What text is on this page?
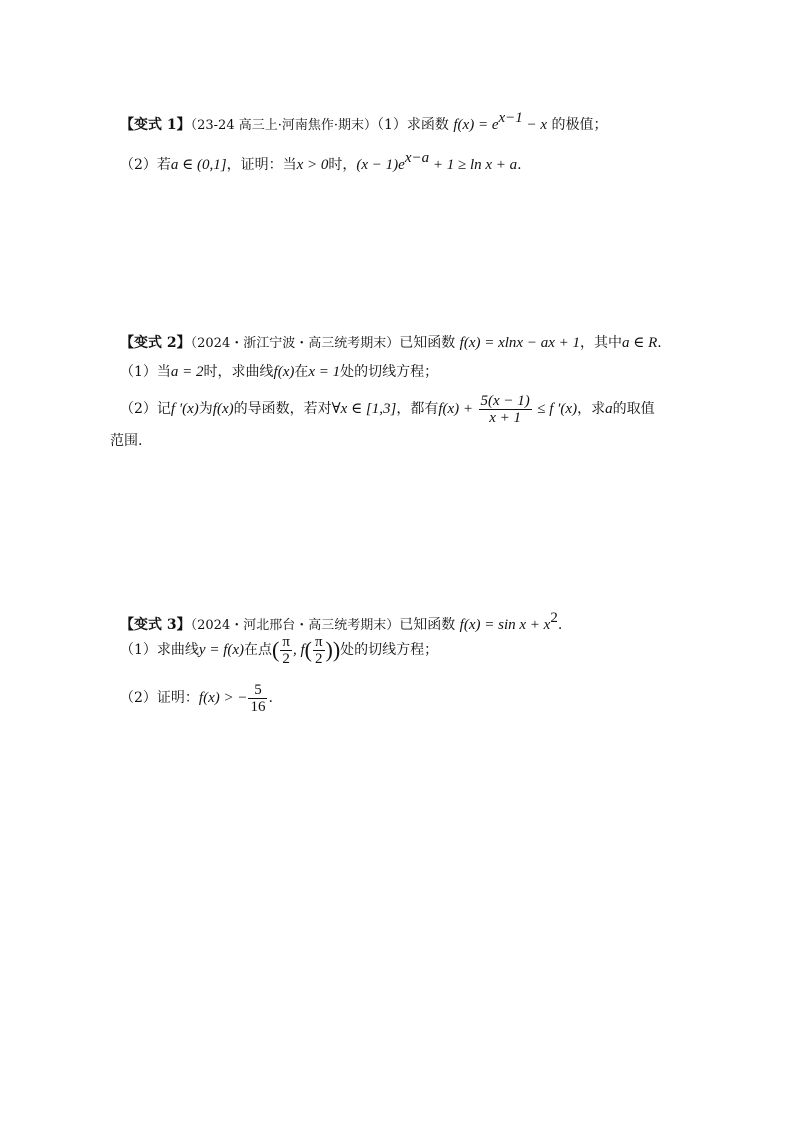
【变式 1】（23-24 高三上·河南焦作·期末）（1）求函数 $f(x) = e^{x-1} - x$ 的极值；
（2）若a ∈ (0,1]，证明：当x > 0时，$(x - 1)e^{x-a} + 1 \ge \ln x + a$.
【变式 2】（2024・浙江宁波・高三统考期末）已知函数 f(x) = xlnx − ax + 1，其中a ∈ R.
（1）当a = 2时，求曲线f(x)在x = 1处的切线方程；
（2）记f ′(x)为f(x)的导函数，若对∀x ∈ [1,3]，都有$f(x) + \frac{5(x - 1)}{x + 1} \le f$ ′(x)，求a的取值
范围.
【变式 3】（2024・河北邢台・高三统考期末）已知函数 $f(x) = \sin x + x^2$.
（1）求曲线y = f(x)在点( $\frac{\pi}{2}$ , $f( \frac{\pi}{2}$ ))处的切线方程；
（2）证明：f(x) > − $\frac{5}{16}$ .
